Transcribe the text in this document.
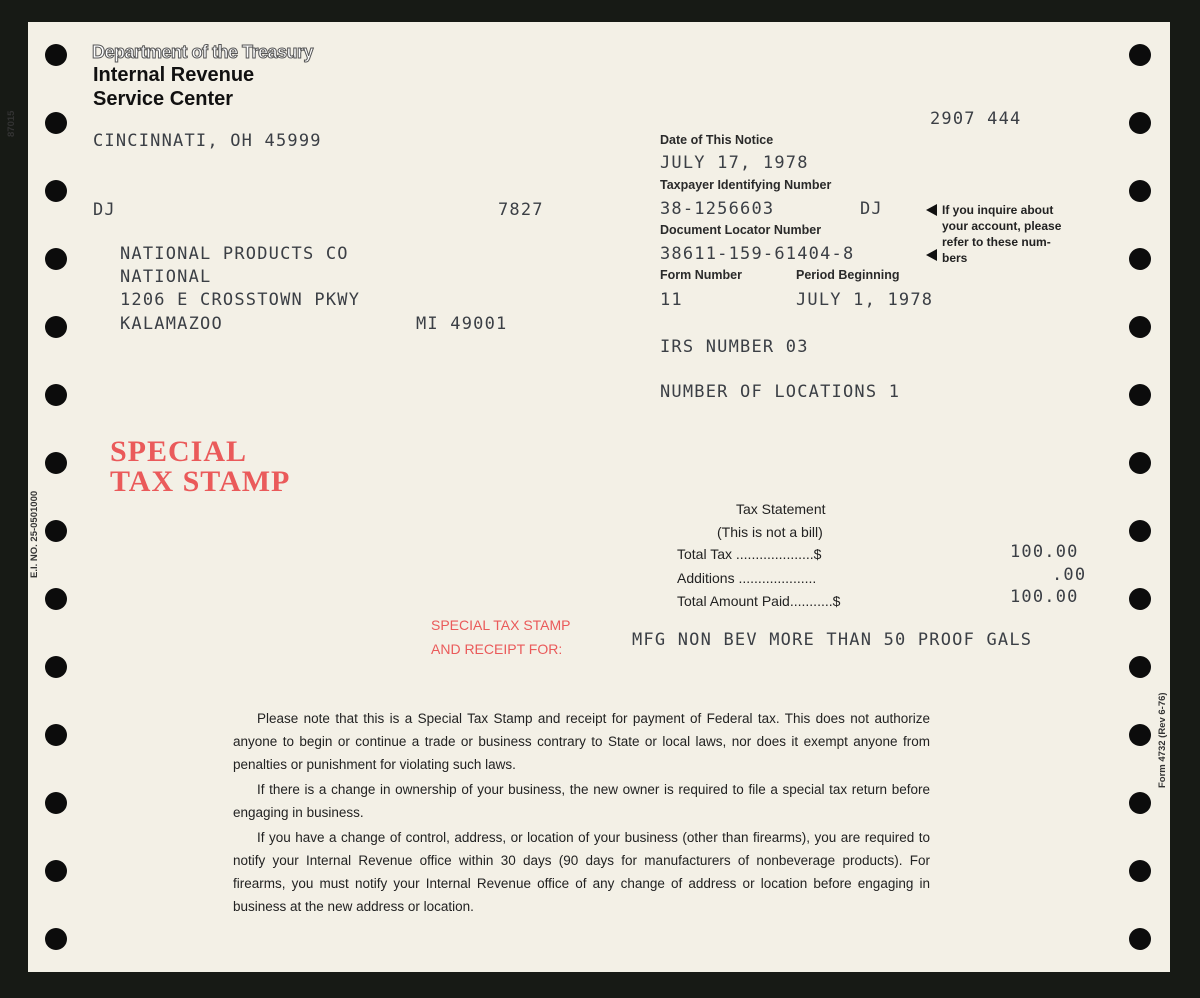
Department of the Treasury
Internal Revenue
Service Center
CINCINNATI, OH 45999
2907 444
87015
E.I. NO. 25-0501000
Form 4732 (Rev 6-76)
DJ	7827
NATIONAL PRODUCTS CO
NATIONAL
1206 E CROSSTOWN PKWY
KALAMAZOO	MI 49001
Date of This Notice
JULY 17, 1978
Taxpayer Identifying Number
38-1256603	DJ
Document Locator Number
38611-159-61404-8
Form Number	Period Beginning
11	JULY 1, 1978
IRS NUMBER 03
NUMBER OF LOCATIONS 1
If you inquire about
your account, please
refer to these num-
bers
SPECIAL
TAX STAMP
Tax Statement
(This is not a bill)
Total Tax ....................$	100.00
Additions ....................	.00
Total Amount Paid...........$	100.00
SPECIAL TAX STAMP
AND RECEIPT FOR:	MFG NON BEV MORE THAN 50 PROOF GALS

Please note that this is a Special Tax Stamp and receipt for payment of Federal tax. This does not authorize anyone to begin or continue a trade or business contrary to State or local laws, nor does it exempt anyone from penalties or punishment for violating such laws.

If there is a change in ownership of your business, the new owner is required to file a special tax return before engaging in business.

If you have a change of control, address, or location of your business (other than firearms), you are required to notify your Internal Revenue office within 30 days (90 days for manufacturers of nonbeverage products). For firearms, you must notify your Internal Revenue office of any change of address or location before engaging in business at the new address or location.
